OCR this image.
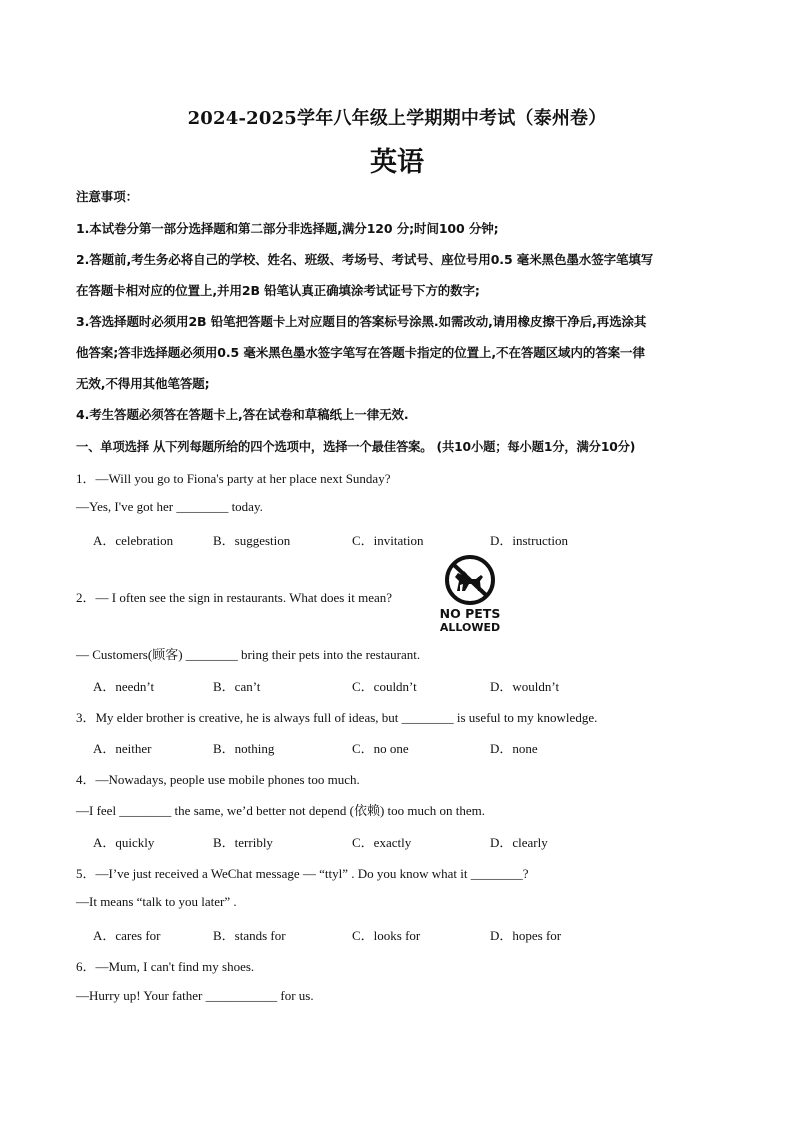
2024-2025学年八年级上学期期中考试（泰州卷）
英语
注意事项：
1.本试卷分第一部分选择题和第二部分非选择题,满分120 分;时间100 分钟;
2.答题前,考生务必将自己的学校、姓名、班级、考场号、考试号、座位号用0.5 毫米黑色墨水签字笔填写
在答题卡相对应的位置上,并用2B 铅笔认真正确填涂考试证号下方的数字;
3.答选择题时必须用2B 铅笔把答题卡上对应题目的答案标号涂黑.如需改动,请用橡皮擦干净后,再选涂其
他答案;答非选择题必须用0.5 毫米黑色墨水签字笔写在答题卡指定的位置上,不在答题区域内的答案一律
无效,不得用其他笔答题;
4.考生答题必须答在答题卡上,答在试卷和草稿纸上一律无效.
一、单项选择 从下列每题所给的四个选项中，选择一个最佳答案。 (共10小题；每小题1分，满分10分)
1．—Will you go to Fiona's party at her place next Sunday?
—Yes, I've got her ________ today.
A．celebration	B．suggestion	C．invitation	D．instruction
2．— I often see the sign in restaurants. What does it mean?
NO PETS
ALLOWED
— Customers(顾客) ________ bring their pets into the restaurant.
A．needn’t	B．can’t	C．couldn’t	D．wouldn’t
3．My elder brother is creative, he is always full of ideas, but ________ is useful to my knowledge.
A．neither	B．nothing	C．no one	D．none
4．—Nowadays, people use mobile phones too much.
—I feel ________ the same, we’d better not depend (依赖) too much on them.
A．quickly	B．terribly	C．exactly	D．clearly
5．—I’ve just received a WeChat message — “ttyl” . Do you know what it ________?
—It means “talk to you later” .
A．cares for	B．stands for	C．looks for	D．hopes for
6．—Mum, I can't find my shoes.
—Hurry up! Your father ___________ for us.
